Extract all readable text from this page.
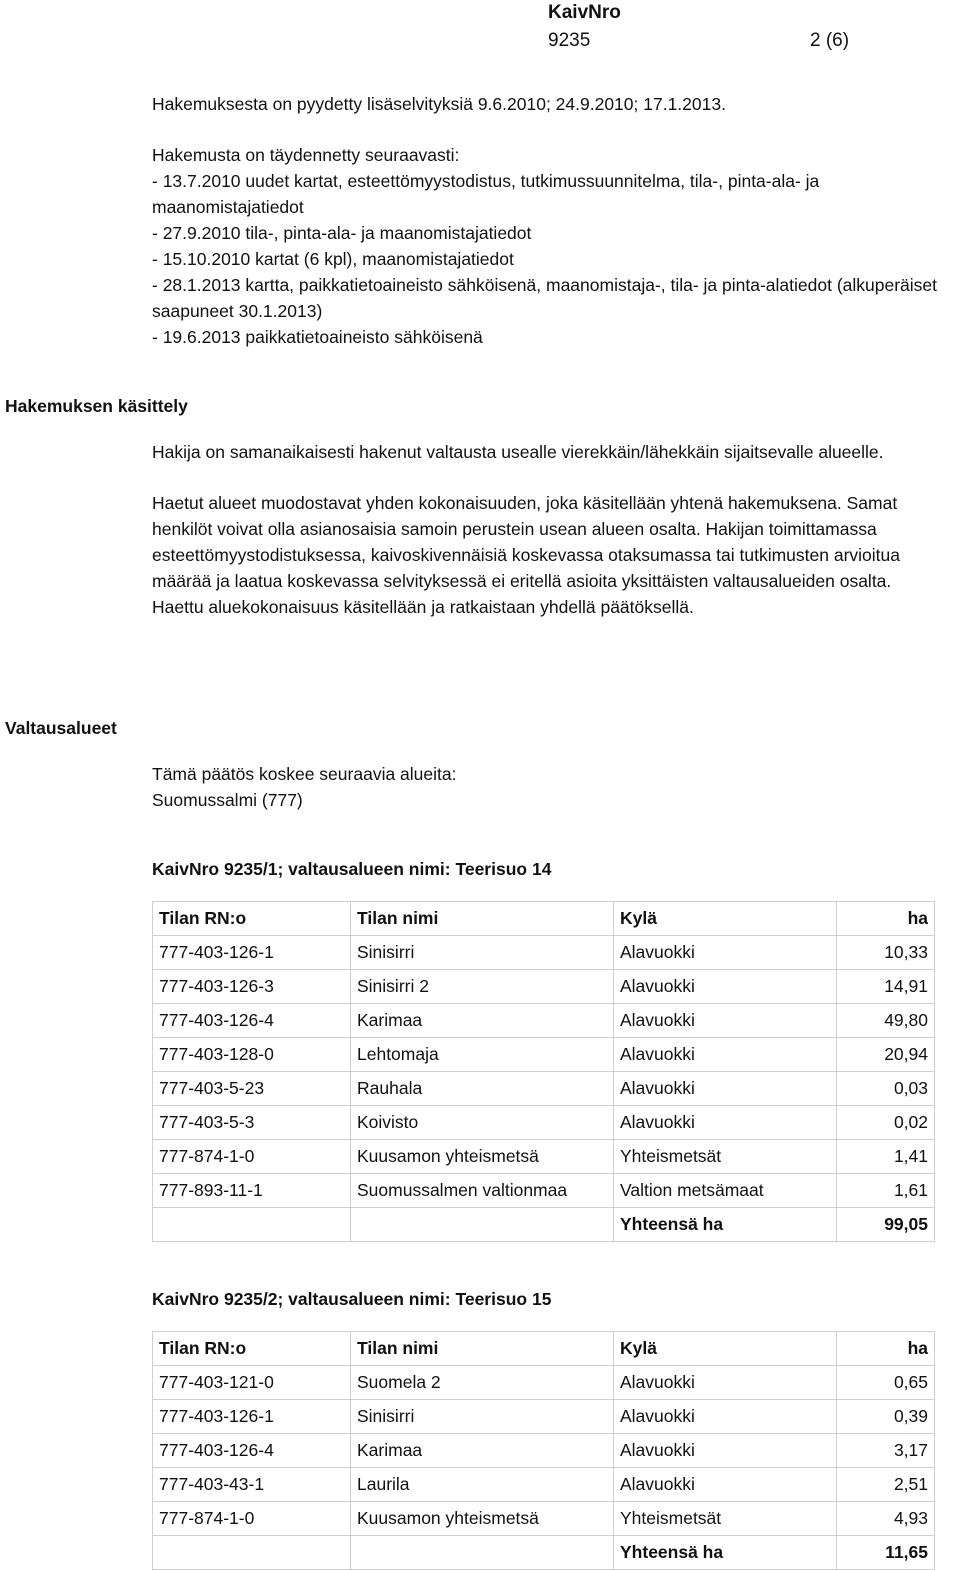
KaivNro
9235	2 (6)

Hakemuksesta on pyydetty lisäselvityksiä 9.6.2010; 24.9.2010; 17.1.2013.

Hakemusta on täydennetty seuraavasti:

- 13.7.2010 uudet kartat, esteettömyystodistus, tutkimussuunnitelma, tila-, pinta-ala- ja maanomistajatiedot

- 27.9.2010 tila-, pinta-ala- ja maanomistajatiedot

- 15.10.2010 kartat (6 kpl), maanomistajatiedot

- 28.1.2013 kartta, paikkatietoaineisto sähköisenä, maanomistaja-, tila- ja pinta-alatiedot (alkuperäiset saapuneet 30.1.2013)

- 19.6.2013 paikkatietoaineisto sähköisenä

Hakemuksen käsittely

Hakija on samanaikaisesti hakenut valtausta usealle vierekkäin/lähekkäin sijaitsevalle alueelle.

Haetut alueet muodostavat yhden kokonaisuuden, joka käsitellään yhtenä hakemuksena. Samat henkilöt voivat olla asianosaisia samoin perustein usean alueen osalta. Hakijan toimittamassa esteettömyystodistuksessa, kaivoskivennäisiä koskevassa otaksumassa tai tutkimusten arvioitua määrää ja laatua koskevassa selvityksessä ei eritellä asioita yksittäisten valtausalueiden osalta. Haettu aluekokonaisuus käsitellään ja ratkaistaan yhdellä päätöksellä.

Valtausalueet

Tämä päätös koskee seuraavia alueita:

Suomussalmi (777)

KaivNro 9235/1; valtausalueen nimi: Teerisuo 14
Tilan RN:o	Tilan nimi	Kylä	ha
777-403-126-1	Sinisirri	Alavuokki	10,33
777-403-126-3	Sinisirri 2	Alavuokki	14,91
777-403-126-4	Karimaa	Alavuokki	49,80
777-403-128-0	Lehtomaja	Alavuokki	20,94
777-403-5-23	Rauhala	Alavuokki	0,03
777-403-5-3	Koivisto	Alavuokki	0,02
777-874-1-0	Kuusamon yhteismetsä	Yhteismetsät	1,41
777-893-11-1	Suomussalmen valtionmaa	Valtion metsämaat	1,61
		Yhteensä ha	99,05
KaivNro 9235/2; valtausalueen nimi: Teerisuo 15
Tilan RN:o	Tilan nimi	Kylä	ha
777-403-121-0	Suomela 2	Alavuokki	0,65
777-403-126-1	Sinisirri	Alavuokki	0,39
777-403-126-4	Karimaa	Alavuokki	3,17
777-403-43-1	Laurila	Alavuokki	2,51
777-874-1-0	Kuusamon yhteismetsä	Yhteismetsät	4,93
		Yhteensä ha	11,65
